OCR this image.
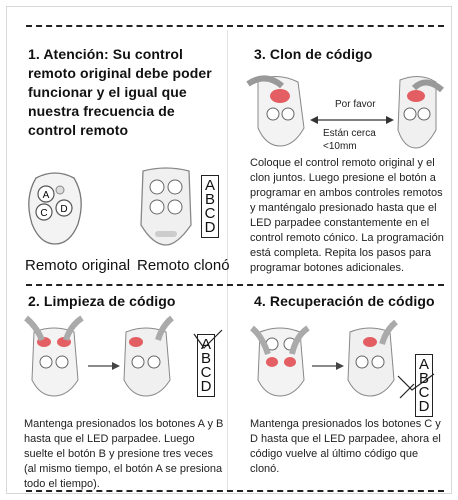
1. Atención: Su control remoto original debe poder funcionar y el igual que nuestra frecuencia de control remoto
A
C D
A
B
C
D
Remoto original Remoto clonó
3. Clon de código
Por favor
Están cerca
<10mm
Coloque el control remoto original y el clon juntos. Luego presione el botón a programar en ambos controles remotos y manténgalo presionado hasta que el LED parpadee constantemente en el control remoto cónico. La programación está completa. Repita los pasos para programar botones adicionales.
2. Limpieza de código
A
B
C
D
Mantenga presionados los botones A y B hasta que el LED parpadee. Luego suelte el botón B y presione tres veces (al mismo tiempo, el botón A se presiona todo el tiempo).
4. Recuperación de código
A
B
C
D
Mantenga presionados los botones C y D hasta que el LED parpadee, ahora el código vuelve al último código que clonó.
